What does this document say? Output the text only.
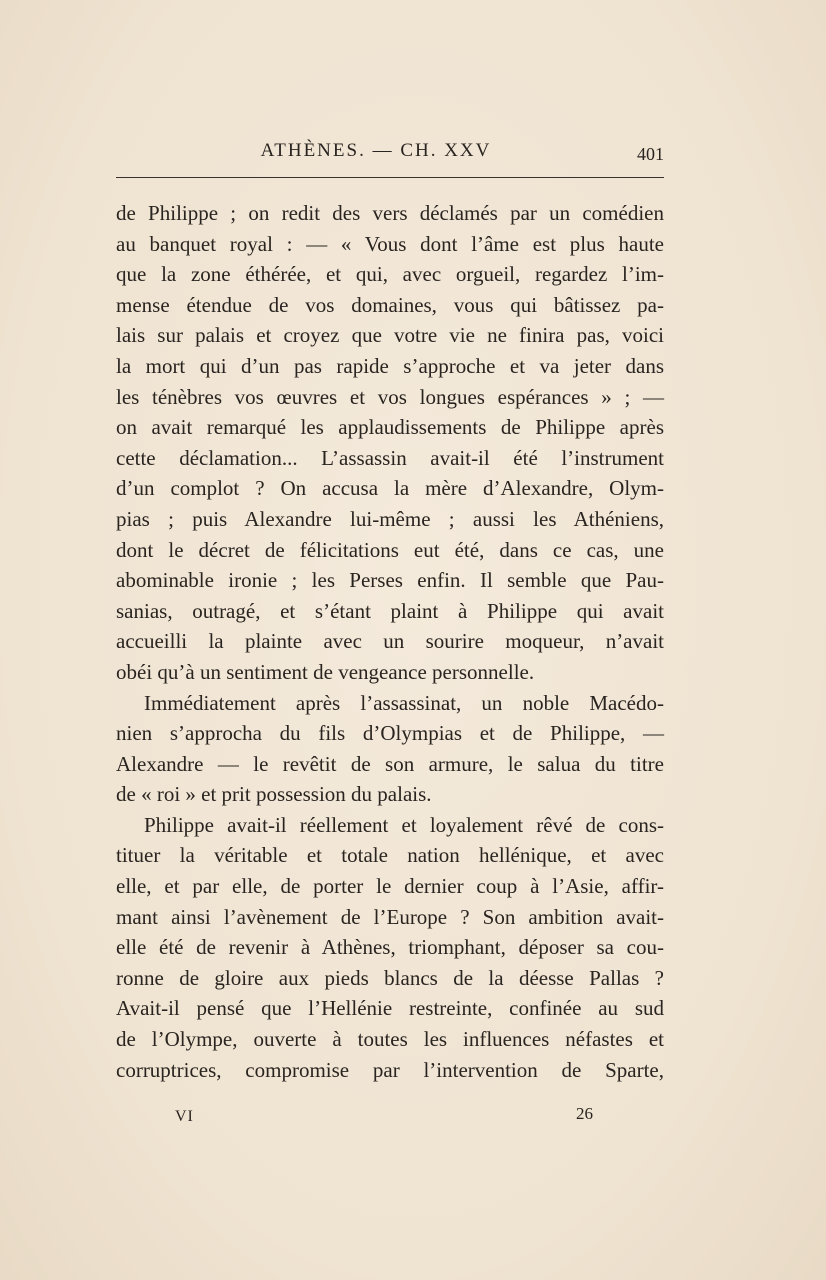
ATHÈNES. — CH. XXV	401
de Philippe ; on redit des vers déclamés par un comédien
au banquet royal : — « Vous dont l’âme est plus haute
que la zone éthérée, et qui, avec orgueil, regardez l’im-
mense étendue de vos domaines, vous qui bâtissez pa-
lais sur palais et croyez que votre vie ne finira pas, voici
la mort qui d’un pas rapide s’approche et va jeter dans
les ténèbres vos œuvres et vos longues espérances » ; —
on avait remarqué les applaudissements de Philippe après
cette déclamation... L’assassin avait-il été l’instrument
d’un complot ? On accusa la mère d’Alexandre, Olym-
pias ; puis Alexandre lui-même ; aussi les Athéniens,
dont le décret de félicitations eut été, dans ce cas, une
abominable ironie ; les Perses enfin. Il semble que Pau-
sanias, outragé, et s’étant plaint à Philippe qui avait
accueilli la plainte avec un sourire moqueur, n’avait
obéi qu’à un sentiment de vengeance personnelle.
Immédiatement après l’assassinat, un noble Macédo-
nien s’approcha du fils d’Olympias et de Philippe, —
Alexandre — le revêtit de son armure, le salua du titre
de « roi » et prit possession du palais.
Philippe avait-il réellement et loyalement rêvé de cons-
tituer la véritable et totale nation hellénique, et avec
elle, et par elle, de porter le dernier coup à l’Asie, affir-
mant ainsi l’avènement de l’Europe ? Son ambition avait-
elle été de revenir à Athènes, triomphant, déposer sa cou-
ronne de gloire aux pieds blancs de la déesse Pallas ?
Avait-il pensé que l’Hellénie restreinte, confinée au sud
de l’Olympe, ouverte à toutes les influences néfastes et
corruptrices, compromise par l’intervention de Sparte,
VI	26
